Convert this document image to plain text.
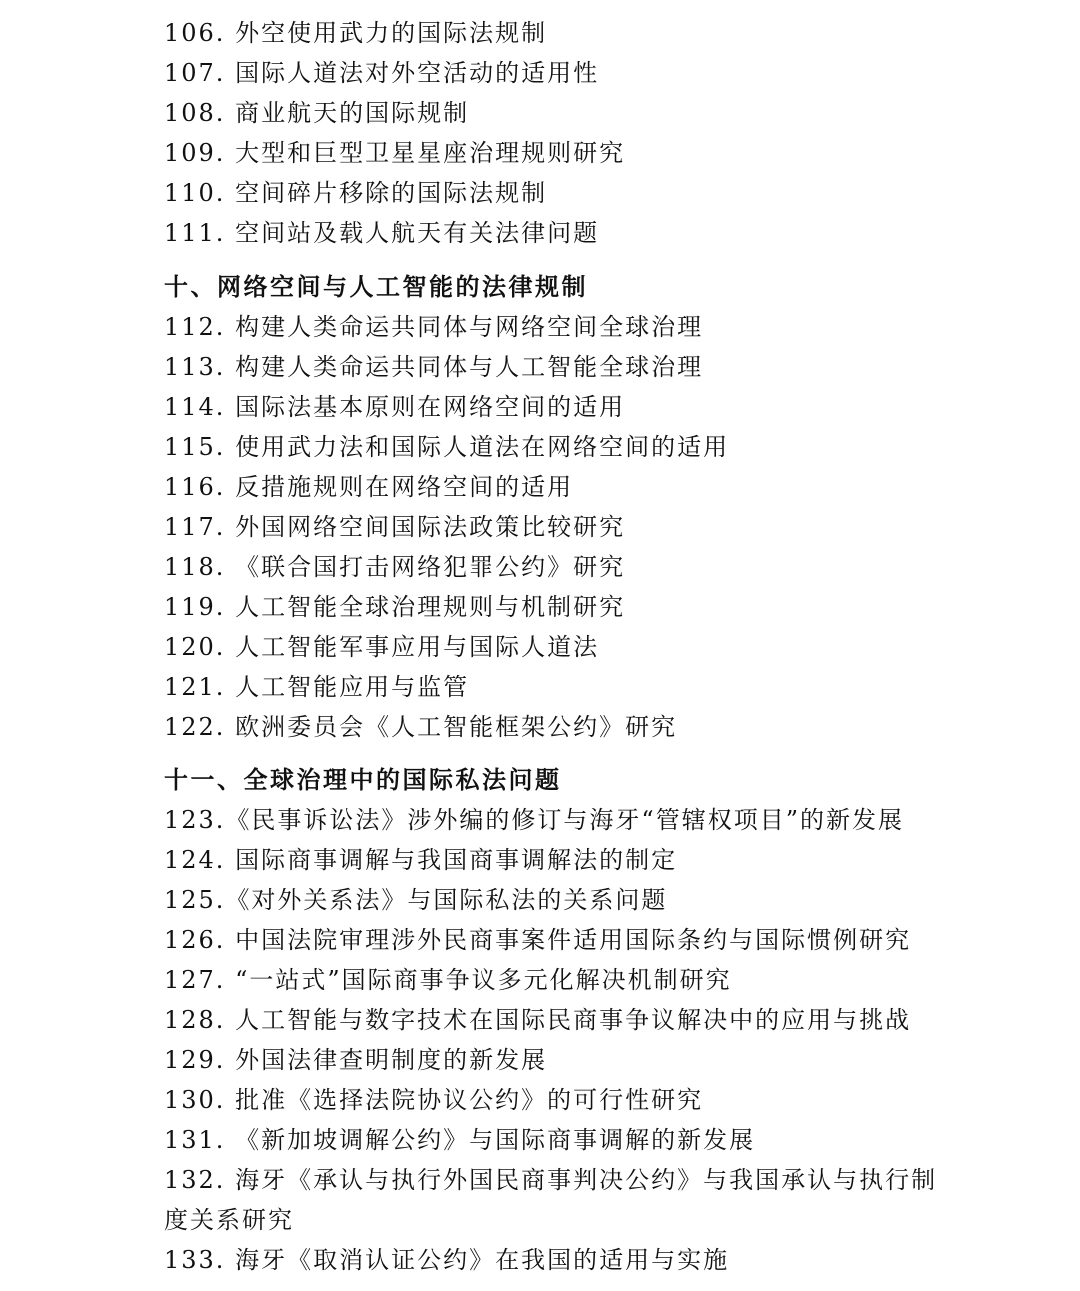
106. 外空使用武力的国际法规制
107. 国际人道法对外空活动的适用性
108. 商业航天的国际规制
109. 大型和巨型卫星星座治理规则研究
110. 空间碎片移除的国际法规制
111. 空间站及载人航天有关法律问题
十、网络空间与人工智能的法律规制
112. 构建人类命运共同体与网络空间全球治理
113. 构建人类命运共同体与人工智能全球治理
114. 国际法基本原则在网络空间的适用
115. 使用武力法和国际人道法在网络空间的适用
116. 反措施规则在网络空间的适用
117. 外国网络空间国际法政策比较研究
118. 《联合国打击网络犯罪公约》研究
119. 人工智能全球治理规则与机制研究
120. 人工智能军事应用与国际人道法
121. 人工智能应用与监管
122. 欧洲委员会《人工智能框架公约》研究
十一、全球治理中的国际私法问题
123.《民事诉讼法》涉外编的修订与海牙“管辖权项目”的新发展
124. 国际商事调解与我国商事调解法的制定
125.《对外关系法》与国际私法的关系问题
126. 中国法院审理涉外民商事案件适用国际条约与国际惯例研究
127. “一站式”国际商事争议多元化解决机制研究
128. 人工智能与数字技术在国际民商事争议解决中的应用与挑战
129. 外国法律查明制度的新发展
130. 批准《选择法院协议公约》的可行性研究
131. 《新加坡调解公约》与国际商事调解的新发展
132. 海牙《承认与执行外国民商事判决公约》与我国承认与执行制
度关系研究
133. 海牙《取消认证公约》在我国的适用与实施
